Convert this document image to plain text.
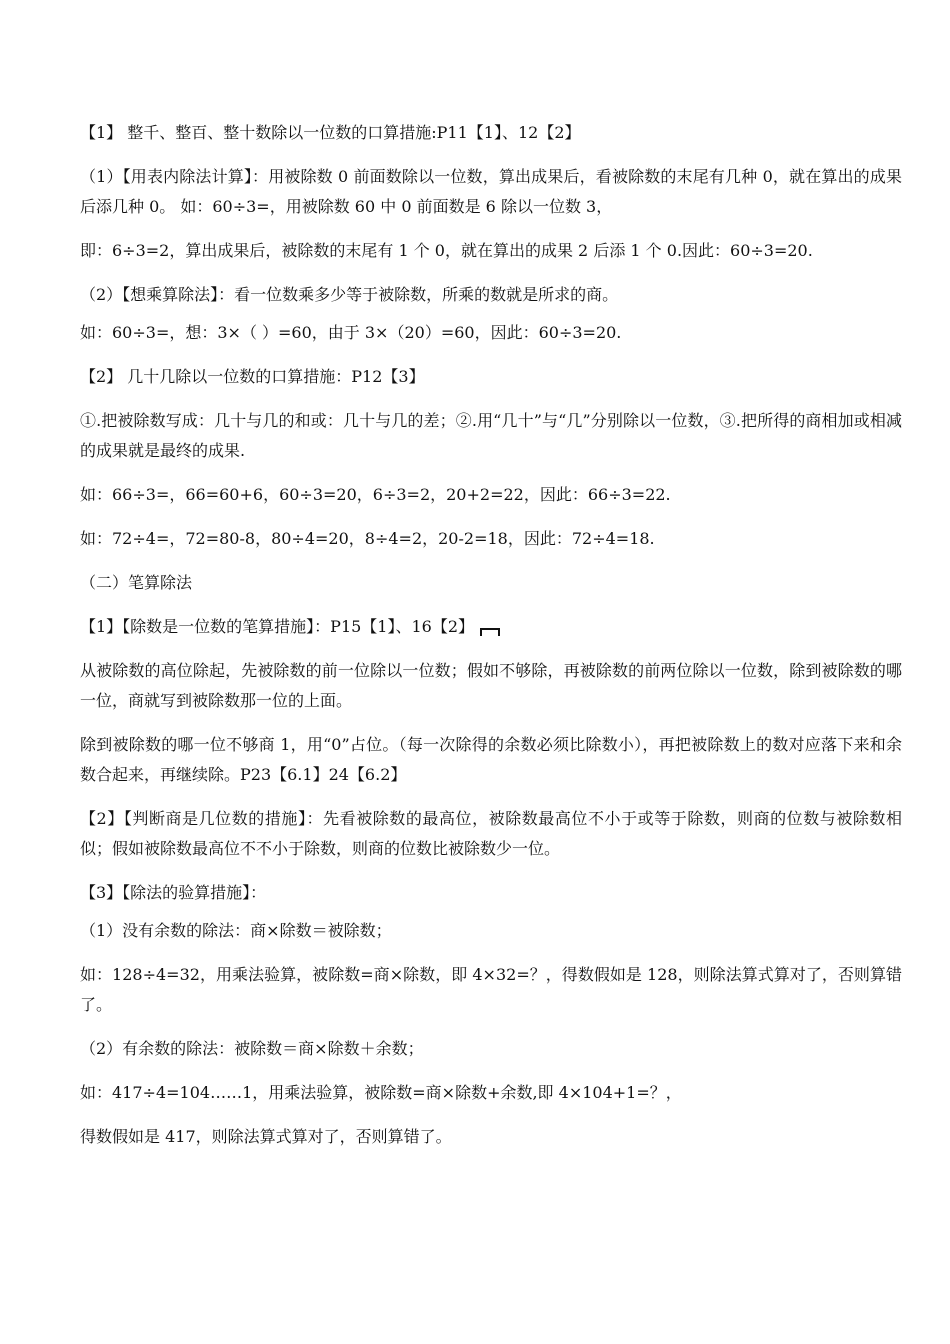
【1】 整千、整百、整十数除以一位数的口算措施:P11【1】、12【2】

（1）【用表内除法计算】：用被除数 0 前面数除以一位数，算出成果后，看被除数的末尾有几种 0，就在算出的成果后添几种 0。 如：60÷3=，用被除数 60 中 0 前面数是 6 除以一位数 3，

即：6÷3=2，算出成果后，被除数的末尾有 1 个 0，就在算出的成果 2 后添 1 个 0.因此：60÷3=20.

（2）【想乘算除法】：看一位数乘多少等于被除数，所乘的数就是所求的商。

如：60÷3=，想：3×（ ）=60，由于 3×（20）=60，因此：60÷3=20.

【2】 几十几除以一位数的口算措施：P12【3】

①.把被除数写成：几十与几的和或：几十与几的差；②.用“几十”与“几”分别除以一位数，③.把所得的商相加或相减的成果就是最终的成果.

如：66÷3=，66=60+6，60÷3=20，6÷3=2，20+2=22，因此：66÷3=22.

如：72÷4=，72=80-8，80÷4=20，8÷4=2，20-2=18，因此：72÷4=18.

（二）笔算除法

【1】【除数是一位数的笔算措施】：P15【1】、16【2】

从被除数的高位除起，先被除数的前一位除以一位数；假如不够除，再被除数的前两位除以一位数，除到被除数的哪一位，商就写到被除数那一位的上面。

除到被除数的哪一位不够商 1，用“0”占位。（每一次除得的余数必须比除数小），再把被除数上的数对应落下来和余数合起来，再继续除。P23【6.1】24【6.2】

【2】【判断商是几位数的措施】：先看被除数的最高位，被除数最高位不小于或等于除数，则商的位数与被除数相似；假如被除数最高位不不小于除数，则商的位数比被除数少一位。

【3】【除法的验算措施】：

（1）没有余数的除法：商×除数＝被除数；

如：128÷4=32，用乘法验算，被除数=商×除数，即 4×32=？，得数假如是 128，则除法算式算对了，否则算错了。

（2）有余数的除法：被除数＝商×除数＋余数；

如：417÷4=104……1，用乘法验算，被除数=商×除数+余数,即 4×104+1=？，

得数假如是 417，则除法算式算对了，否则算错了。
